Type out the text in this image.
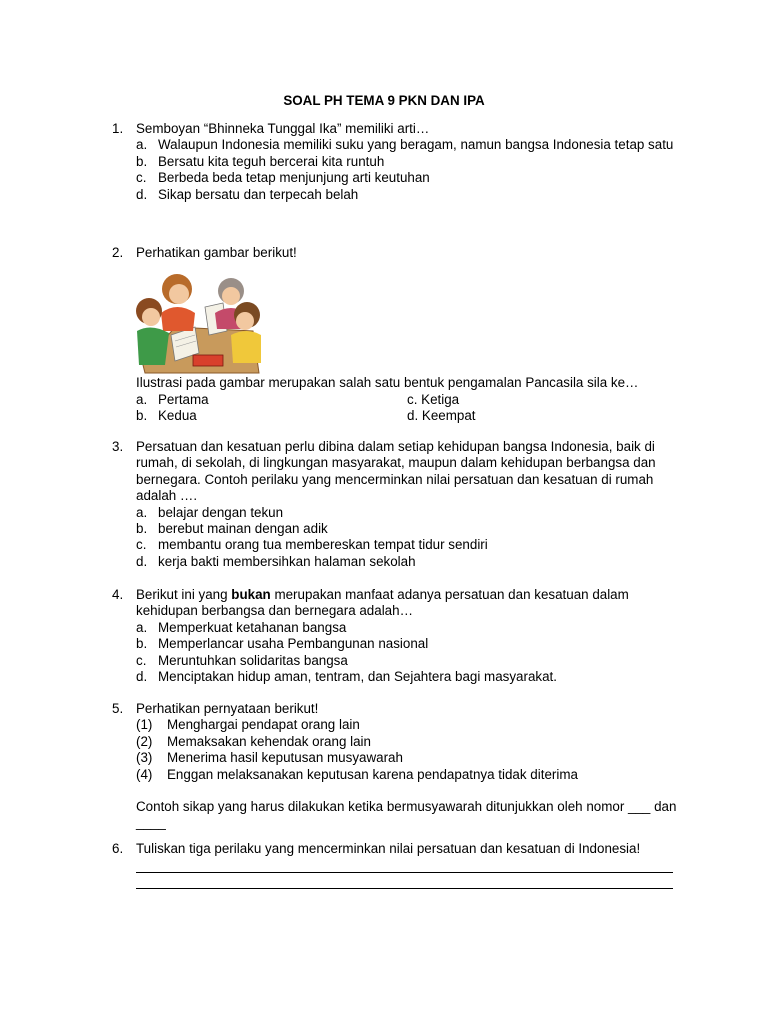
SOAL PH TEMA 9 PKN DAN IPA
1. Semboyan “Bhinneka Tunggal Ika” memiliki arti…
a. Walaupun Indonesia memiliki suku yang beragam, namun bangsa Indonesia tetap satu
b. Bersatu kita teguh bercerai kita runtuh
c. Berbeda beda tetap menjunjung arti keutuhan
d. Sikap bersatu dan terpecah belah
2. Perhatikan gambar berikut!
Ilustrasi pada gambar merupakan salah satu bentuk pengamalan Pancasila sila ke…
a. Pertama	c. Ketiga
b. Kedua	d. Keempat
3. Persatuan dan kesatuan perlu dibina dalam setiap kehidupan bangsa Indonesia, baik di rumah, di sekolah, di lingkungan masyarakat, maupun dalam kehidupan berbangsa dan bernegara. Contoh perilaku yang mencerminkan nilai persatuan dan kesatuan di rumah adalah ….
a. belajar dengan tekun
b. berebut mainan dengan adik
c. membantu orang tua membereskan tempat tidur sendiri
d. kerja bakti membersihkan halaman sekolah
4. Berikut ini yang bukan merupakan manfaat adanya persatuan dan kesatuan dalam kehidupan berbangsa dan bernegara adalah…
a. Memperkuat ketahanan bangsa
b. Memperlancar usaha Pembangunan nasional
c. Meruntuhkan solidaritas bangsa
d. Menciptakan hidup aman, tentram, dan Sejahtera bagi masyarakat.
5. Perhatikan pernyataan berikut!
(1) Menghargai pendapat orang lain
(2) Memaksakan kehendak orang lain
(3) Menerima hasil keputusan musyawarah
(4) Enggan melaksanakan keputusan karena pendapatnya tidak diterima
Contoh sikap yang harus dilakukan ketika bermusyawarah ditunjukkan oleh nomor ___ dan ____
6. Tuliskan tiga perilaku yang mencerminkan nilai persatuan dan kesatuan di Indonesia!
